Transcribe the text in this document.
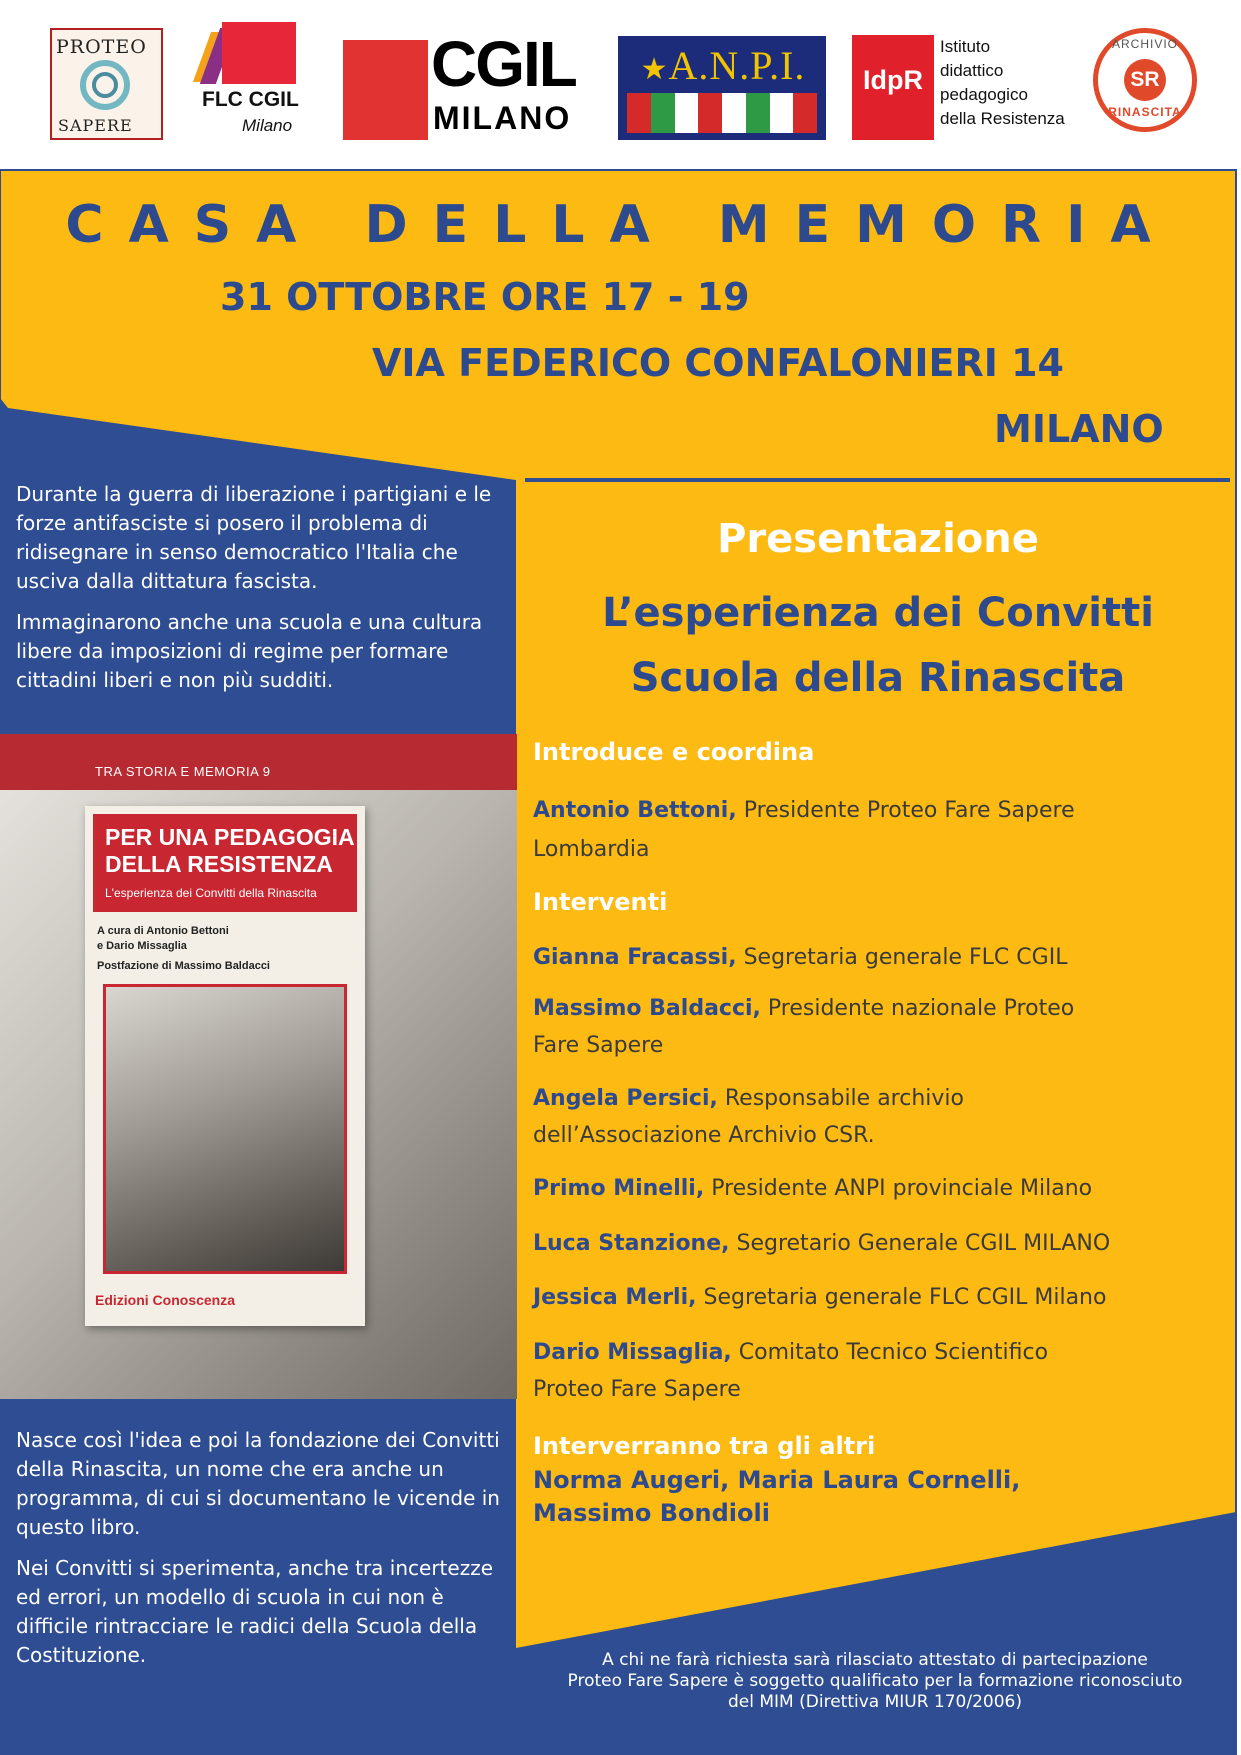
PROTEO
SAPERE
FLC CGIL
Milano
CGIL
MILANO
★A.N.P.I.	IdpR
Istituto
didattico
pedagogico
della Resistenza
ARCHIVIO
SR
RINASCITA
CASA DELLA MEMORIA
31 OTTOBRE ORE 17 - 19
VIA FEDERICO CONFALONIERI 14
MILANO

Durante la guerra di liberazione i partigiani e le forze antifasciste si posero il problema di ridisegnare in senso democratico l'Italia che usciva dalla dittatura fascista.

Immaginarono anche una scuola e una cultura libere da imposizioni di regime per formare cittadini liberi e non più sudditi.

TRA STORIA E MEMORIA 9
PER UNA PEDAGOGIA
DELLA RESISTENZA
L'esperienza dei Convitti della Rinascita
A cura di Antonio Bettoni
e Dario Missaglia
Postfazione di Massimo Baldacci
Edizioni Conoscenza

Nasce così l'idea e poi la fondazione dei Convitti della Rinascita, un nome che era anche un programma, di cui si documentano le vicende in questo libro.

Nei Convitti si sperimenta, anche tra incertezze ed errori, un modello di scuola in cui non è difficile rintracciare le radici della Scuola della Costituzione.

Presentazione
L’esperienza dei Convitti
Scuola della Rinascita
Introduce e coordina
Antonio Bettoni, Presidente Proteo Fare Sapere
Lombardia
Interventi
Gianna Fracassi, Segretaria generale FLC CGIL
Massimo Baldacci, Presidente nazionale Proteo
Fare Sapere
Angela Persici, Responsabile archivio
dell’Associazione Archivio CSR.
Primo Minelli, Presidente ANPI provinciale Milano
Luca Stanzione, Segretario Generale CGIL MILANO
Jessica Merli, Segretaria generale FLC CGIL Milano
Dario Missaglia, Comitato Tecnico Scientifico
Proteo Fare Sapere
Interverranno tra gli altri
Norma Augeri, Maria Laura Cornelli,
Massimo Bondioli
A chi ne farà richiesta sarà rilasciato attestato di partecipazione
Proteo Fare Sapere è soggetto qualificato per la formazione riconosciuto
del MIM (Direttiva MIUR 170/2006)
